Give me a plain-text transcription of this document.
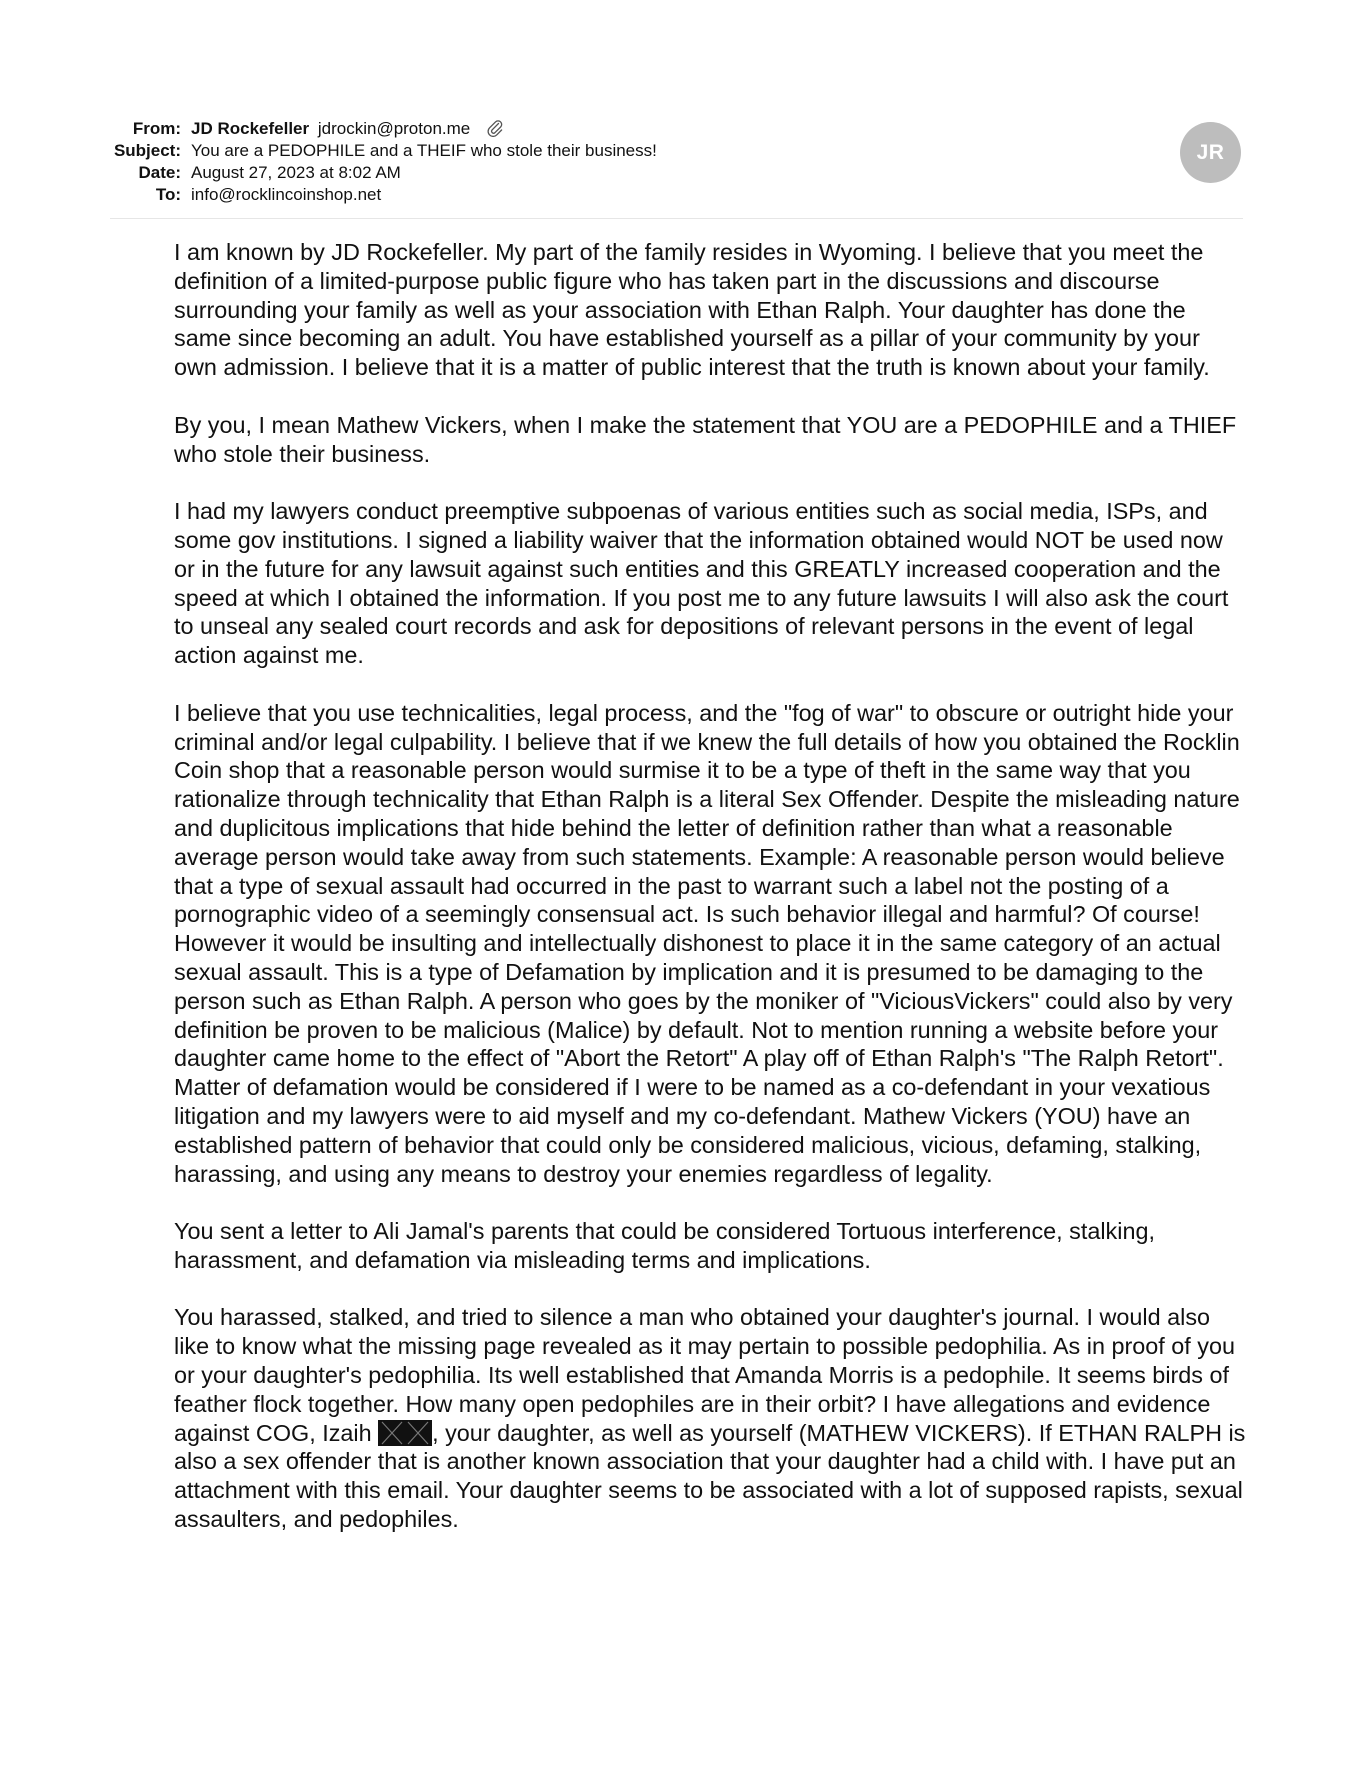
From: JD Rockefeller jdrockin@proton.me
Subject: You are a PEDOPHILE and a THEIF who stole their business!
Date: August 27, 2023 at 8:02 AM
To: info@rocklincoinshop.net
JR

I am known by JD Rockefeller. My part of the family resides in Wyoming. I believe that you meet the definition of a limited-purpose public figure who has taken part in the discussions and discourse surrounding your family as well as your association with Ethan Ralph. Your daughter has done the same since becoming an adult. You have established yourself as a pillar of your community by your own admission. I believe that it is a matter of public interest that the truth is known about your family.

By you, I mean Mathew Vickers, when I make the statement that YOU are a PEDOPHILE and a THIEF who stole their business.

I had my lawyers conduct preemptive subpoenas of various entities such as social media, ISPs, and some gov institutions. I signed a liability waiver that the information obtained would NOT be used now or in the future for any lawsuit against such entities and this GREATLY increased cooperation and the speed at which I obtained the information. If you post me to any future lawsuits I will also ask the court to unseal any sealed court records and ask for depositions of relevant persons in the event of legal action against me.

I believe that you use technicalities, legal process, and the "fog of war" to obscure or outright hide your criminal and/or legal culpability. I believe that if we knew the full details of how you obtained the Rocklin Coin shop that a reasonable person would surmise it to be a type of theft in the same way that you rationalize through technicality that Ethan Ralph is a literal Sex Offender. Despite the misleading nature and duplicitous implications that hide behind the letter of definition rather than what a reasonable average person would take away from such statements. Example: A reasonable person would believe that a type of sexual assault had occurred in the past to warrant such a label not the posting of a pornographic video of a seemingly consensual act. Is such behavior illegal and harmful? Of course! However it would be insulting and intellectually dishonest to place it in the same category of an actual sexual assault. This is a type of Defamation by implication and it is presumed to be damaging to the person such as Ethan Ralph. A person who goes by the moniker of "ViciousVickers" could also by very definition be proven to be malicious (Malice) by default. Not to mention running a website before your daughter came home to the effect of "Abort the Retort" A play off of Ethan Ralph's "The Ralph Retort". Matter of defamation would be considered if I were to be named as a co-defendant in your vexatious litigation and my lawyers were to aid myself and my co-defendant. Mathew Vickers (YOU) have an established pattern of behavior that could only be considered malicious, vicious, defaming, stalking, harassing, and using any means to destroy your enemies regardless of legality.

You sent a letter to Ali Jamal's parents that could be considered Tortuous interference, stalking, harassment, and defamation via misleading terms and implications.

You harassed, stalked, and tried to silence a man who obtained your daughter's journal. I would also like to know what the missing page revealed as it may pertain to possible pedophilia. As in proof of you or your daughter's pedophilia. Its well established that Amanda Morris is a pedophile. It seems birds of feather flock together. How many open pedophiles are in their orbit? I have allegations and evidence against COG, Izaih
, your daughter, as well as yourself (MATHEW VICKERS). If ETHAN RALPH is also a sex offender that is another known association that your daughter had a child with. I have put an attachment with this email. Your daughter seems to be associated with a lot of supposed rapists, sexual assaulters, and pedophiles.
